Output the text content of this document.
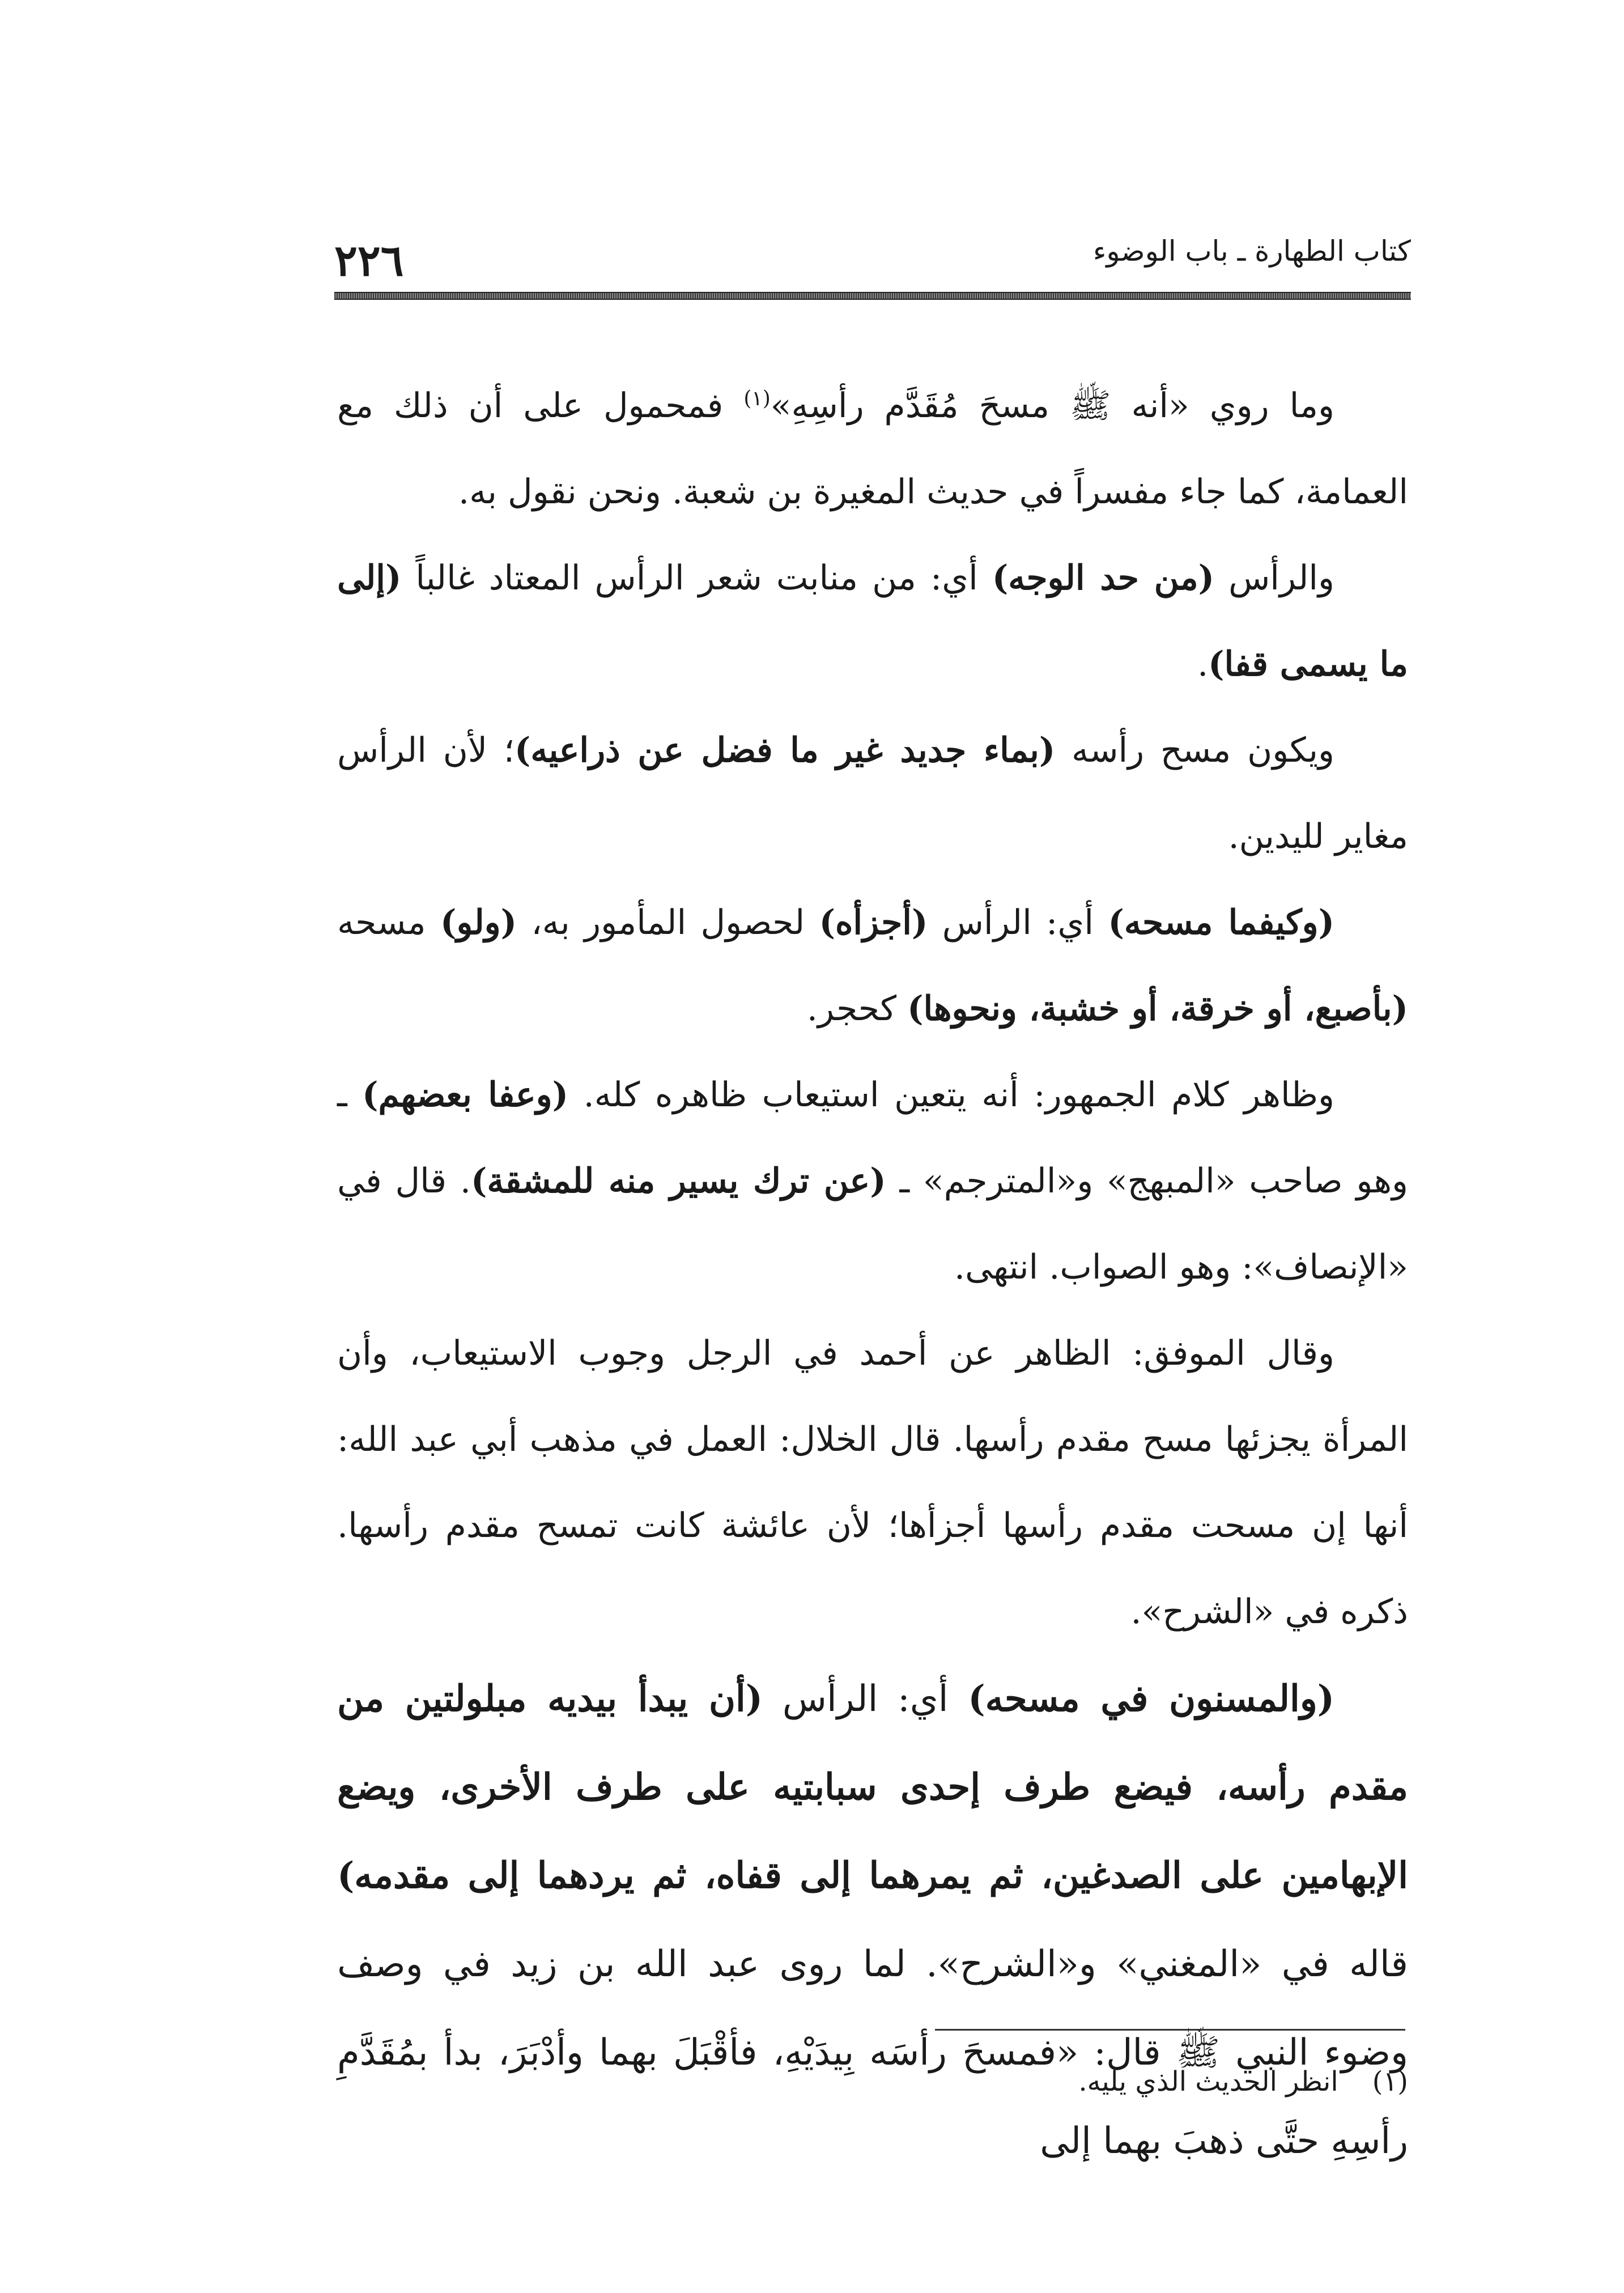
٢٢٦	كتاب الطهارة ـ باب الوضوء

وما روي «أنه ﷺ مسحَ مُقَدَّم رأسِهِ»$^{(١)}$ فمحمول على أن ذلك مع العمامة، كما جاء مفسراً في حديث المغيرة بن شعبة. ونحن نقول به.

والرأس (من حد الوجه) أي: من منابت شعر الرأس المعتاد غالباً (إلى ما يسمى قفا).

ويكون مسح رأسه (بماء جديد غير ما فضل عن ذراعيه)؛ لأن الرأس مغاير لليدين.

(وكيفما مسحه) أي: الرأس (أجزأه) لحصول المأمور به، (ولو) مسحه (بأصبع، أو خرقة، أو خشبة، ونحوها) كحجر.

وظاهر كلام الجمهور: أنه يتعين استيعاب ظاهره كله. (وعفا بعضهم) ـ وهو صاحب «المبهج» و«المترجم» ـ (عن ترك يسير منه للمشقة). قال في «الإنصاف»: وهو الصواب. انتهى.

وقال الموفق: الظاهر عن أحمد في الرجل وجوب الاستيعاب، وأن المرأة يجزئها مسح مقدم رأسها. قال الخلال: العمل في مذهب أبي عبد الله: أنها إن مسحت مقدم رأسها أجزأها؛ لأن عائشة كانت تمسح مقدم رأسها. ذكره في «الشرح».

(والمسنون في مسحه) أي: الرأس (أن يبدأ بيديه مبلولتين من مقدم رأسه، فيضع طرف إحدى سبابتيه على طرف الأخرى، ويضع الإبهامين على الصدغين، ثم يمرهما إلى قفاه، ثم يردهما إلى مقدمه) قاله في «المغني» و«الشرح». لما روى عبد الله بن زيد في وصف وضوء النبي ﷺ قال: «فمسحَ رأسَه بِيدَيْهِ، فأقْبَلَ بهما وأدْبَرَ، بدأ بمُقَدَّمِ رأسِهِ حتَّى ذهبَ بهما إلى

(١)انظر الحديث الذي يليه.
